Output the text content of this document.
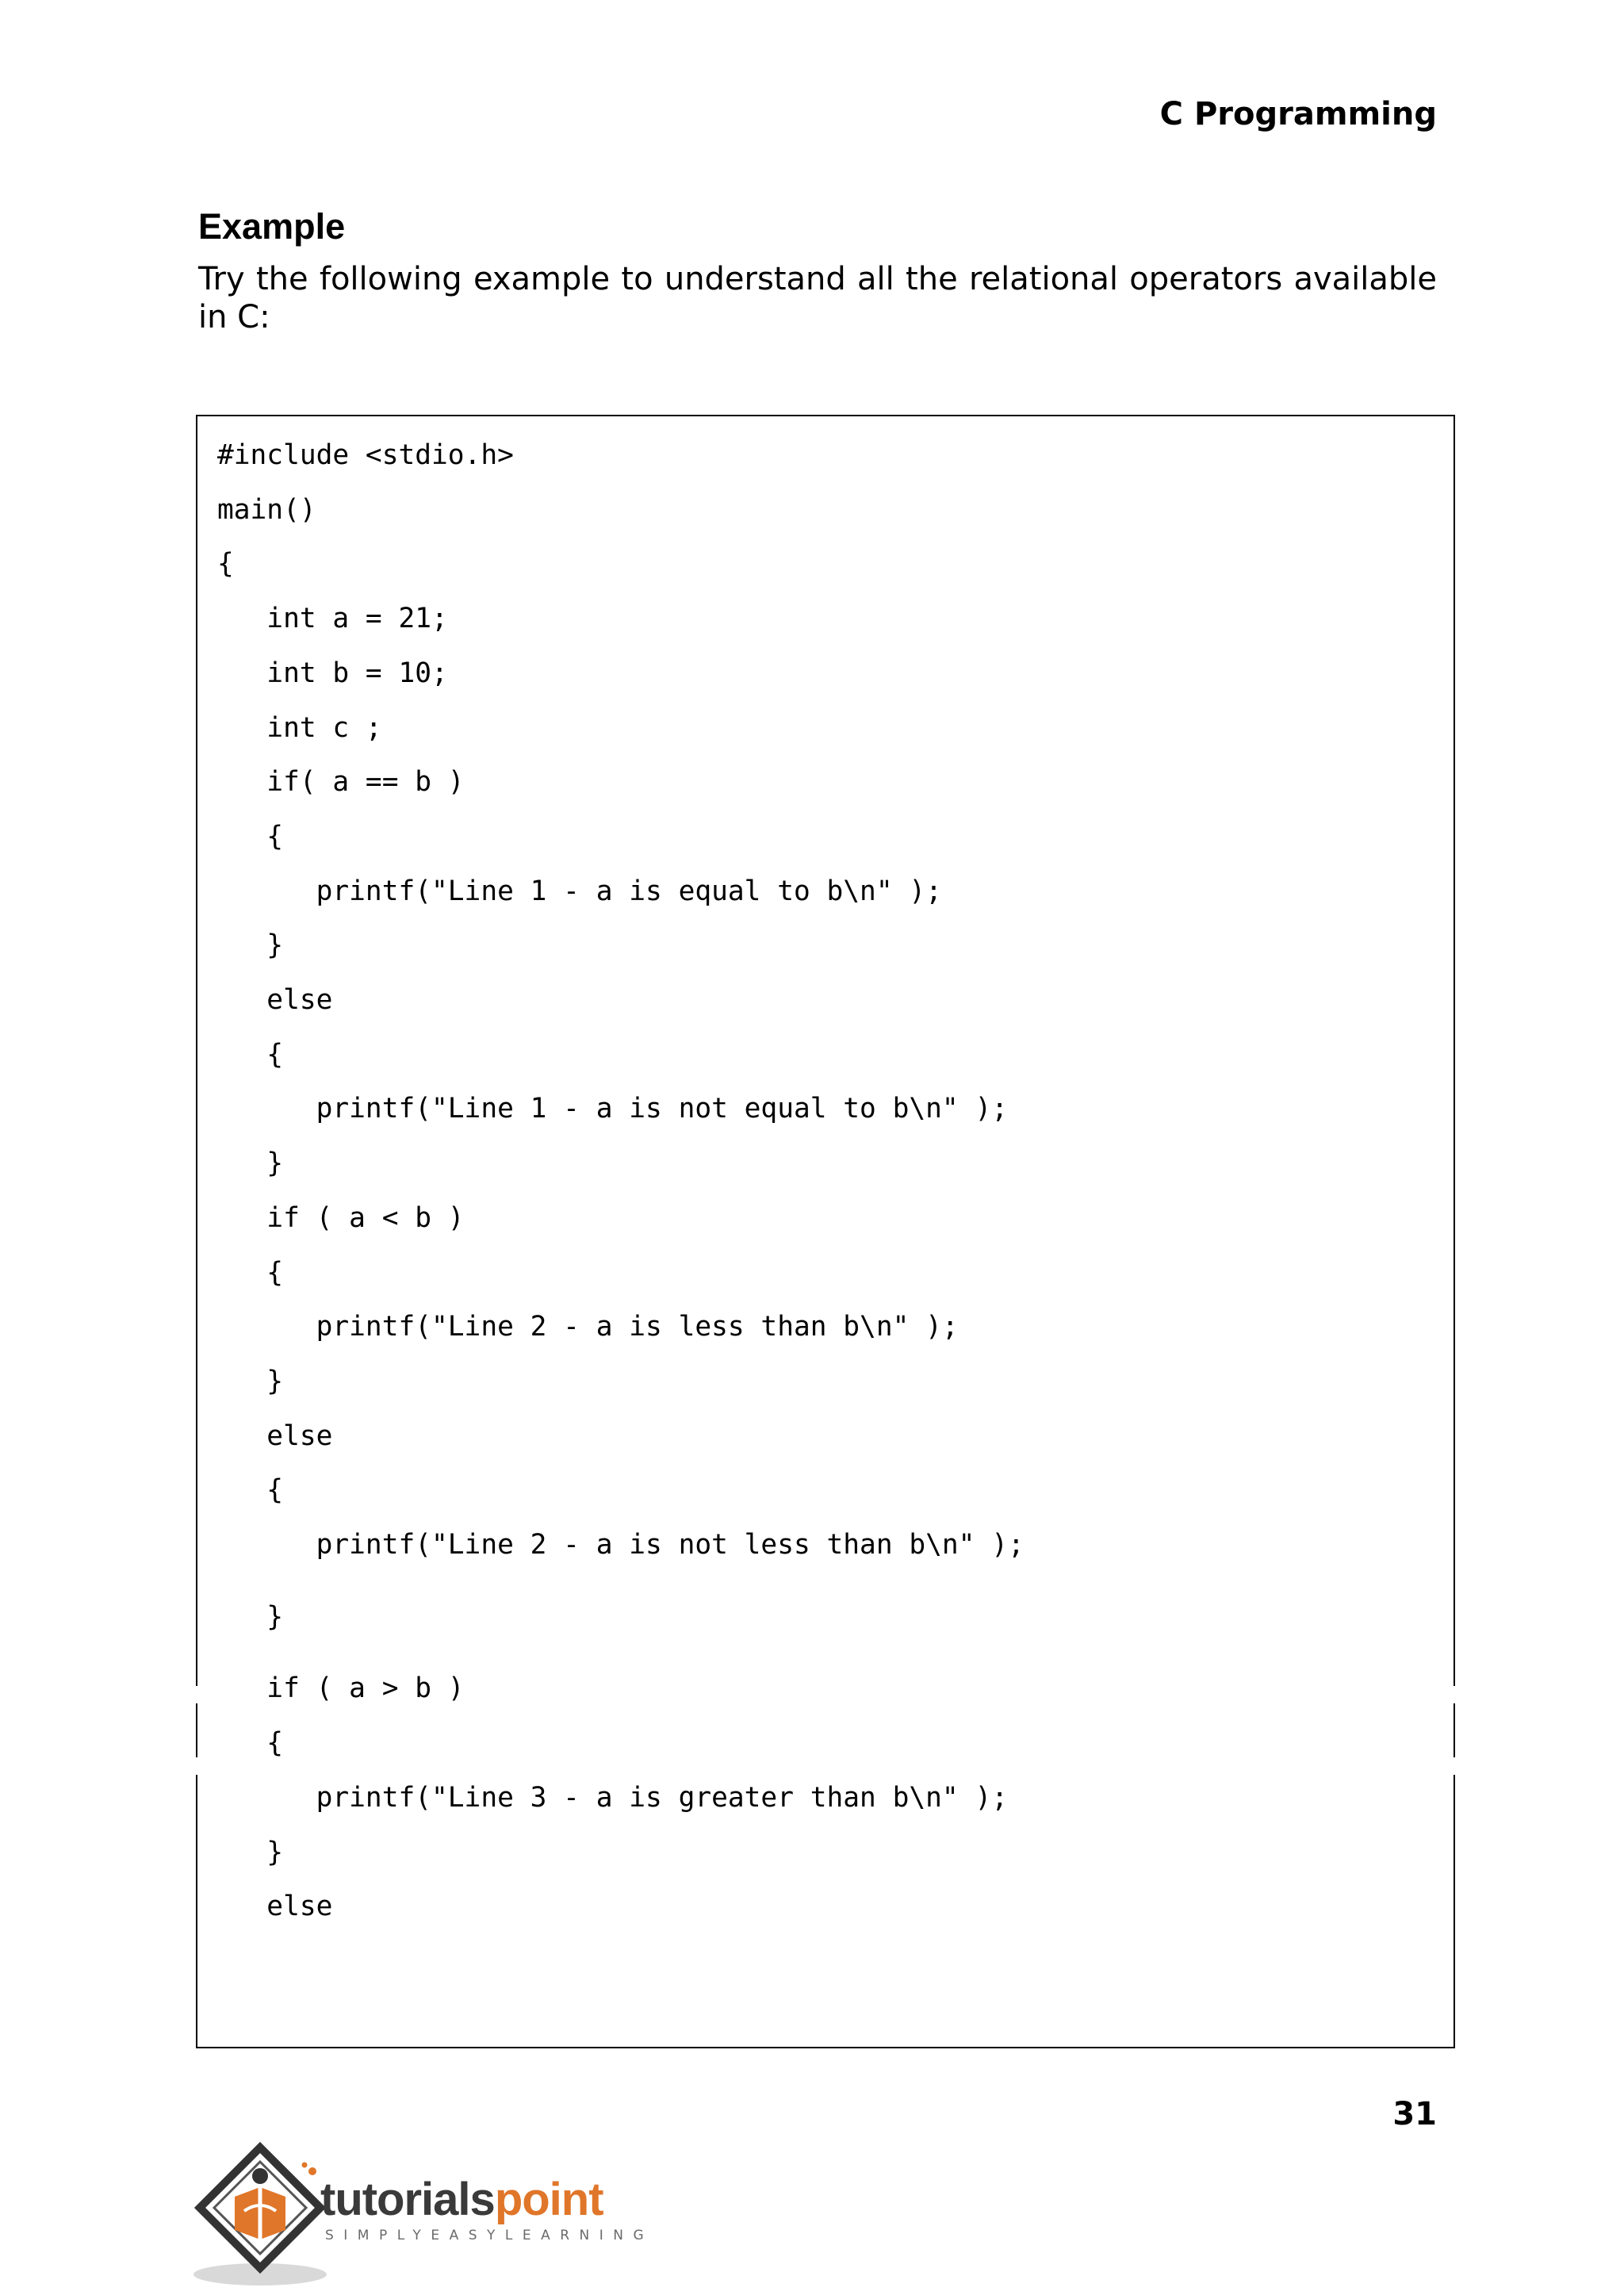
C Programming
Example

Try the following example to understand all the relational operators available in C:

#include <stdio.h>
main()
{
int a = 21;
int b = 10;
int c ;
if( a == b )
{
printf("Line 1 - a is equal to b\n" );
}
else
{
printf("Line 1 - a is not equal to b\n" );
}
if ( a < b )
{
printf("Line 2 - a is less than b\n" );
}
else
{
printf("Line 2 - a is not less than b\n" );
}
if ( a > b )
{
printf("Line 3 - a is greater than b\n" );
}
else
31
tutorialspoint
SIMPLYEASYLEARNING
